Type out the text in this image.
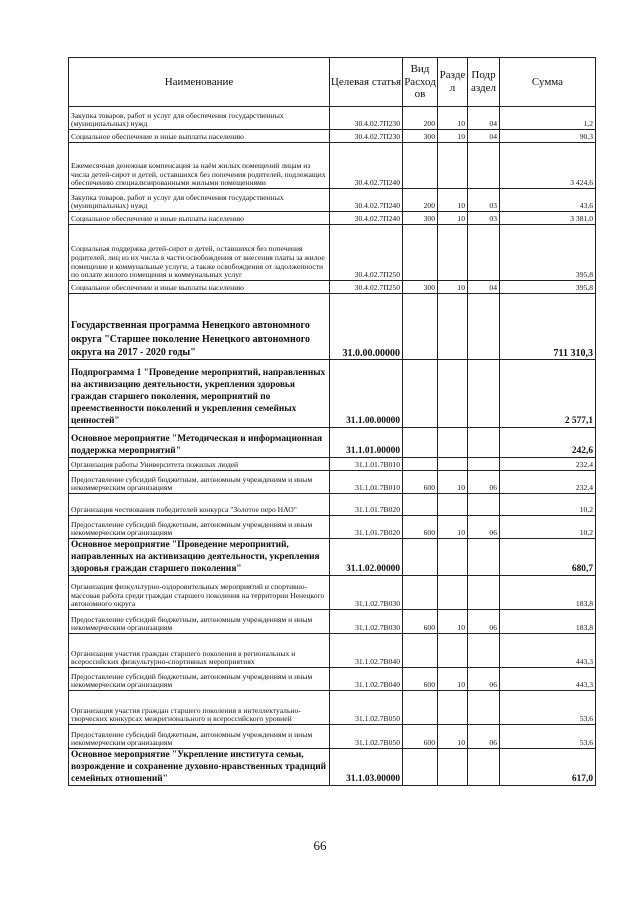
Наименование	Целевая статья	Вид Расход ов	Разде л	Подр аздел	Сумма
Закупка товаров, работ и услуг для обеспечения государственных (муниципальных) нужд	30.4.02.7П230	200	10	04	1,2
Социальное обеспечение и иные выплаты населению	30.4.02.7П230	300	10	04	90,3
Ежемесячная денежная компенсация за наём жилых помещений лицам из числа детей-сирот и детей, оставшихся без попечения родителей, подлежащих обеспечению специализированными жилыми помещениями	30.4.02.7П240				3 424,6
Закупка товаров, работ и услуг для обеспечения государственных (муниципальных) нужд	30.4.02.7П240	200	10	03	43,6
Социальное обеспечение и иные выплаты населению	30.4.02.7П240	300	10	03	3 381,0
Социальная поддержка детей-сирот и детей, оставшихся без попечения родителей, лиц из их числа в части освобождения от внесения платы за жилое помещение и коммунальные услуги, а также освобождения от задолженности по оплате жилого помещения и коммунальных услуг	30.4.02.7П250				395,8
Социальное обеспечение и иные выплаты населению	30.4.02.7П250	300	10	04	395,8
Государственная программа Ненецкого автономного округа "Старшее поколение Ненецкого автономного округа на 2017 - 2020 годы"	31.0.00.00000				711 310,3
Подпрограмма 1 "Проведение мероприятий, направленных на активизацию деятельности, укрепления здоровья граждан старшего поколения, мероприятий по преемственности поколений и укрепления семейных ценностей"	31.1.00.00000				2 577,1
Основное мероприятие "Методическая и информационная поддержка мероприятий"	31.1.01.00000				242,6
Организация работы Университета пожилых людей	31.1.01.7В010				232,4
Предоставление субсидий бюджетным, автономным учреждениям и иным некоммерческим организациям	31.1.01.7В010	600	10	06	232,4
Организация чествования победителей конкурса "Золотое перо НАО"	31.1.01.7В020				10,2
Предоставление субсидий бюджетным, автономным учреждениям и иным некоммерческим организациям	31.1.01.7В020	600	10	06	10,2
Основное мероприятие "Проведение мероприятий, направленных на активизацию деятельности, укрепления здоровья граждан старшего поколения"	31.1.02.00000				680,7
Организация физкультурно-оздоровительных мероприятий и спортивно-массовая работа среди граждан старшего поколения на территории Ненецкого автономного округа	31.1.02.7В030				183,8
Предоставление субсидий бюджетным, автономным учреждениям и иным некоммерческим организациям	31.1.02.7В030	600	10	06	183,8
Организация участия граждан старшего поколения в региональных и всероссийских физкультурно-спортивных мероприятиях	31.1.02.7В040				443,3
Предоставление субсидий бюджетным, автономным учреждениям и иным некоммерческим организациям	31.1.02.7В040	600	10	06	443,3
Организация участия граждан старшего поколения в интеллектуально-творческих конкурсах межрегионального и всероссийского уровней	31.1.02.7В050				53,6
Предоставление субсидий бюджетным, автономным учреждениям и иным некоммерческим организациям	31.1.02.7В050	600	10	06	53,6
Основное мероприятие "Укрепление института семьи, возрождение и сохранение духовно-нравственных традиций семейных отношений"	31.1.03.00000				617,0
66
